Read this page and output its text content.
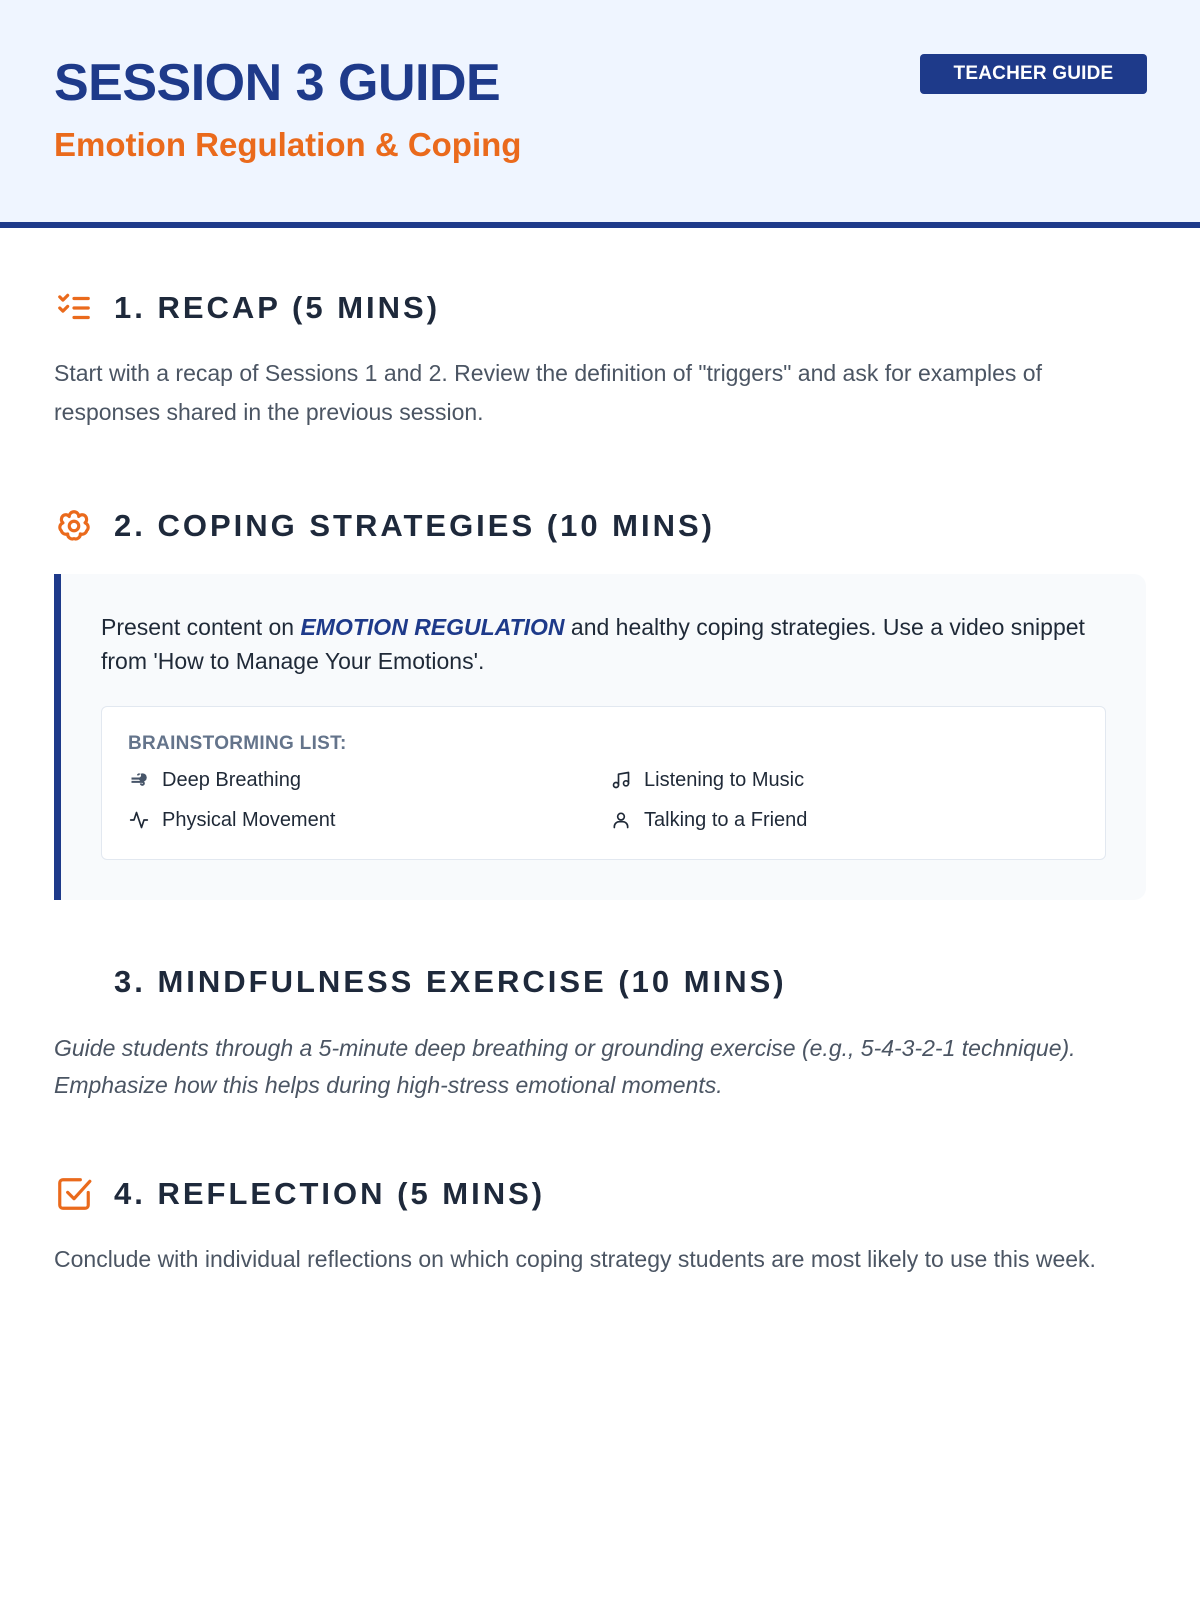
SESSION 3 GUIDE
Emotion Regulation & Coping
TEACHER GUIDE
1. RECAP (5 MINS)

Start with a recap of Sessions 1 and 2. Review the definition of "triggers" and ask for examples of responses shared in the previous session.

2. COPING STRATEGIES (10 MINS)

Present content on EMOTION REGULATION and healthy coping strategies. Use a video snippet from 'How to Manage Your Emotions'.

BRAINSTORMING LIST:
Deep Breathing	Listening to Music
Physical Movement	Talking to a Friend
3. MINDFULNESS EXERCISE (10 MINS)

Guide students through a 5-minute deep breathing or grounding exercise (e.g., 5-4-3-2-1 technique). Emphasize how this helps during high-stress emotional moments.

4. REFLECTION (5 MINS)

Conclude with individual reflections on which coping strategy students are most likely to use this week.
